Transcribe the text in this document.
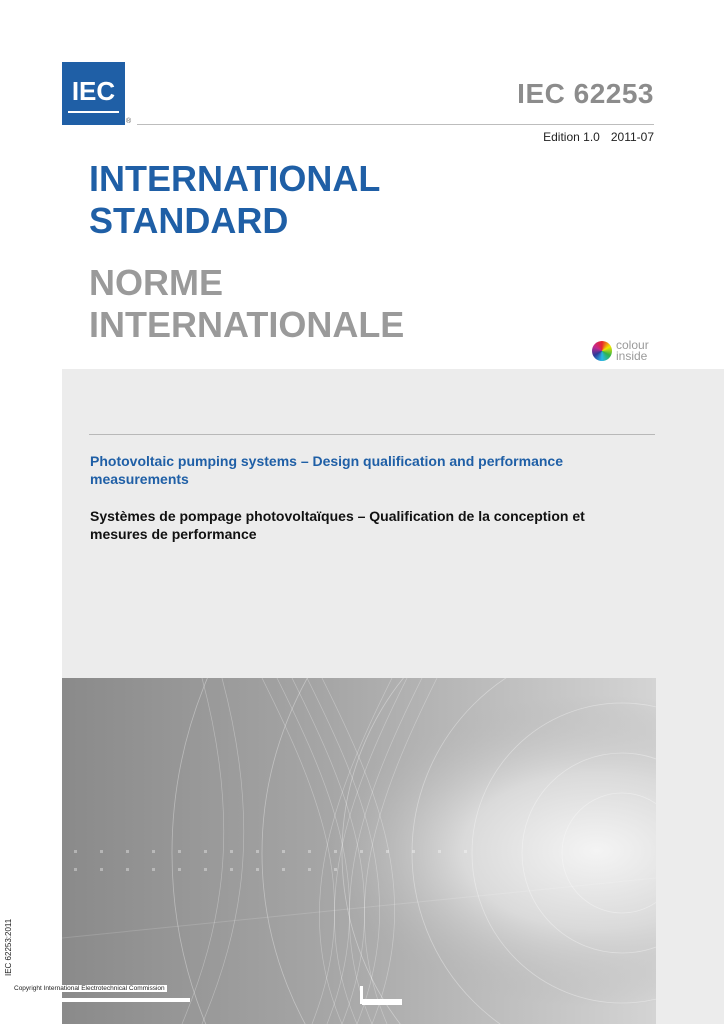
IEC
®
IEC 62253
Edition 1.0 2011-07
INTERNATIONAL
STANDARD
NORME
INTERNATIONALE	colour
inside
Photovoltaic pumping systems – Design qualification and performance measurements
Systèmes de pompage photovoltaïques – Qualification de la conception et mesures de performance
IEC 62253:2011
Copyright International Electrotechnical Commission
